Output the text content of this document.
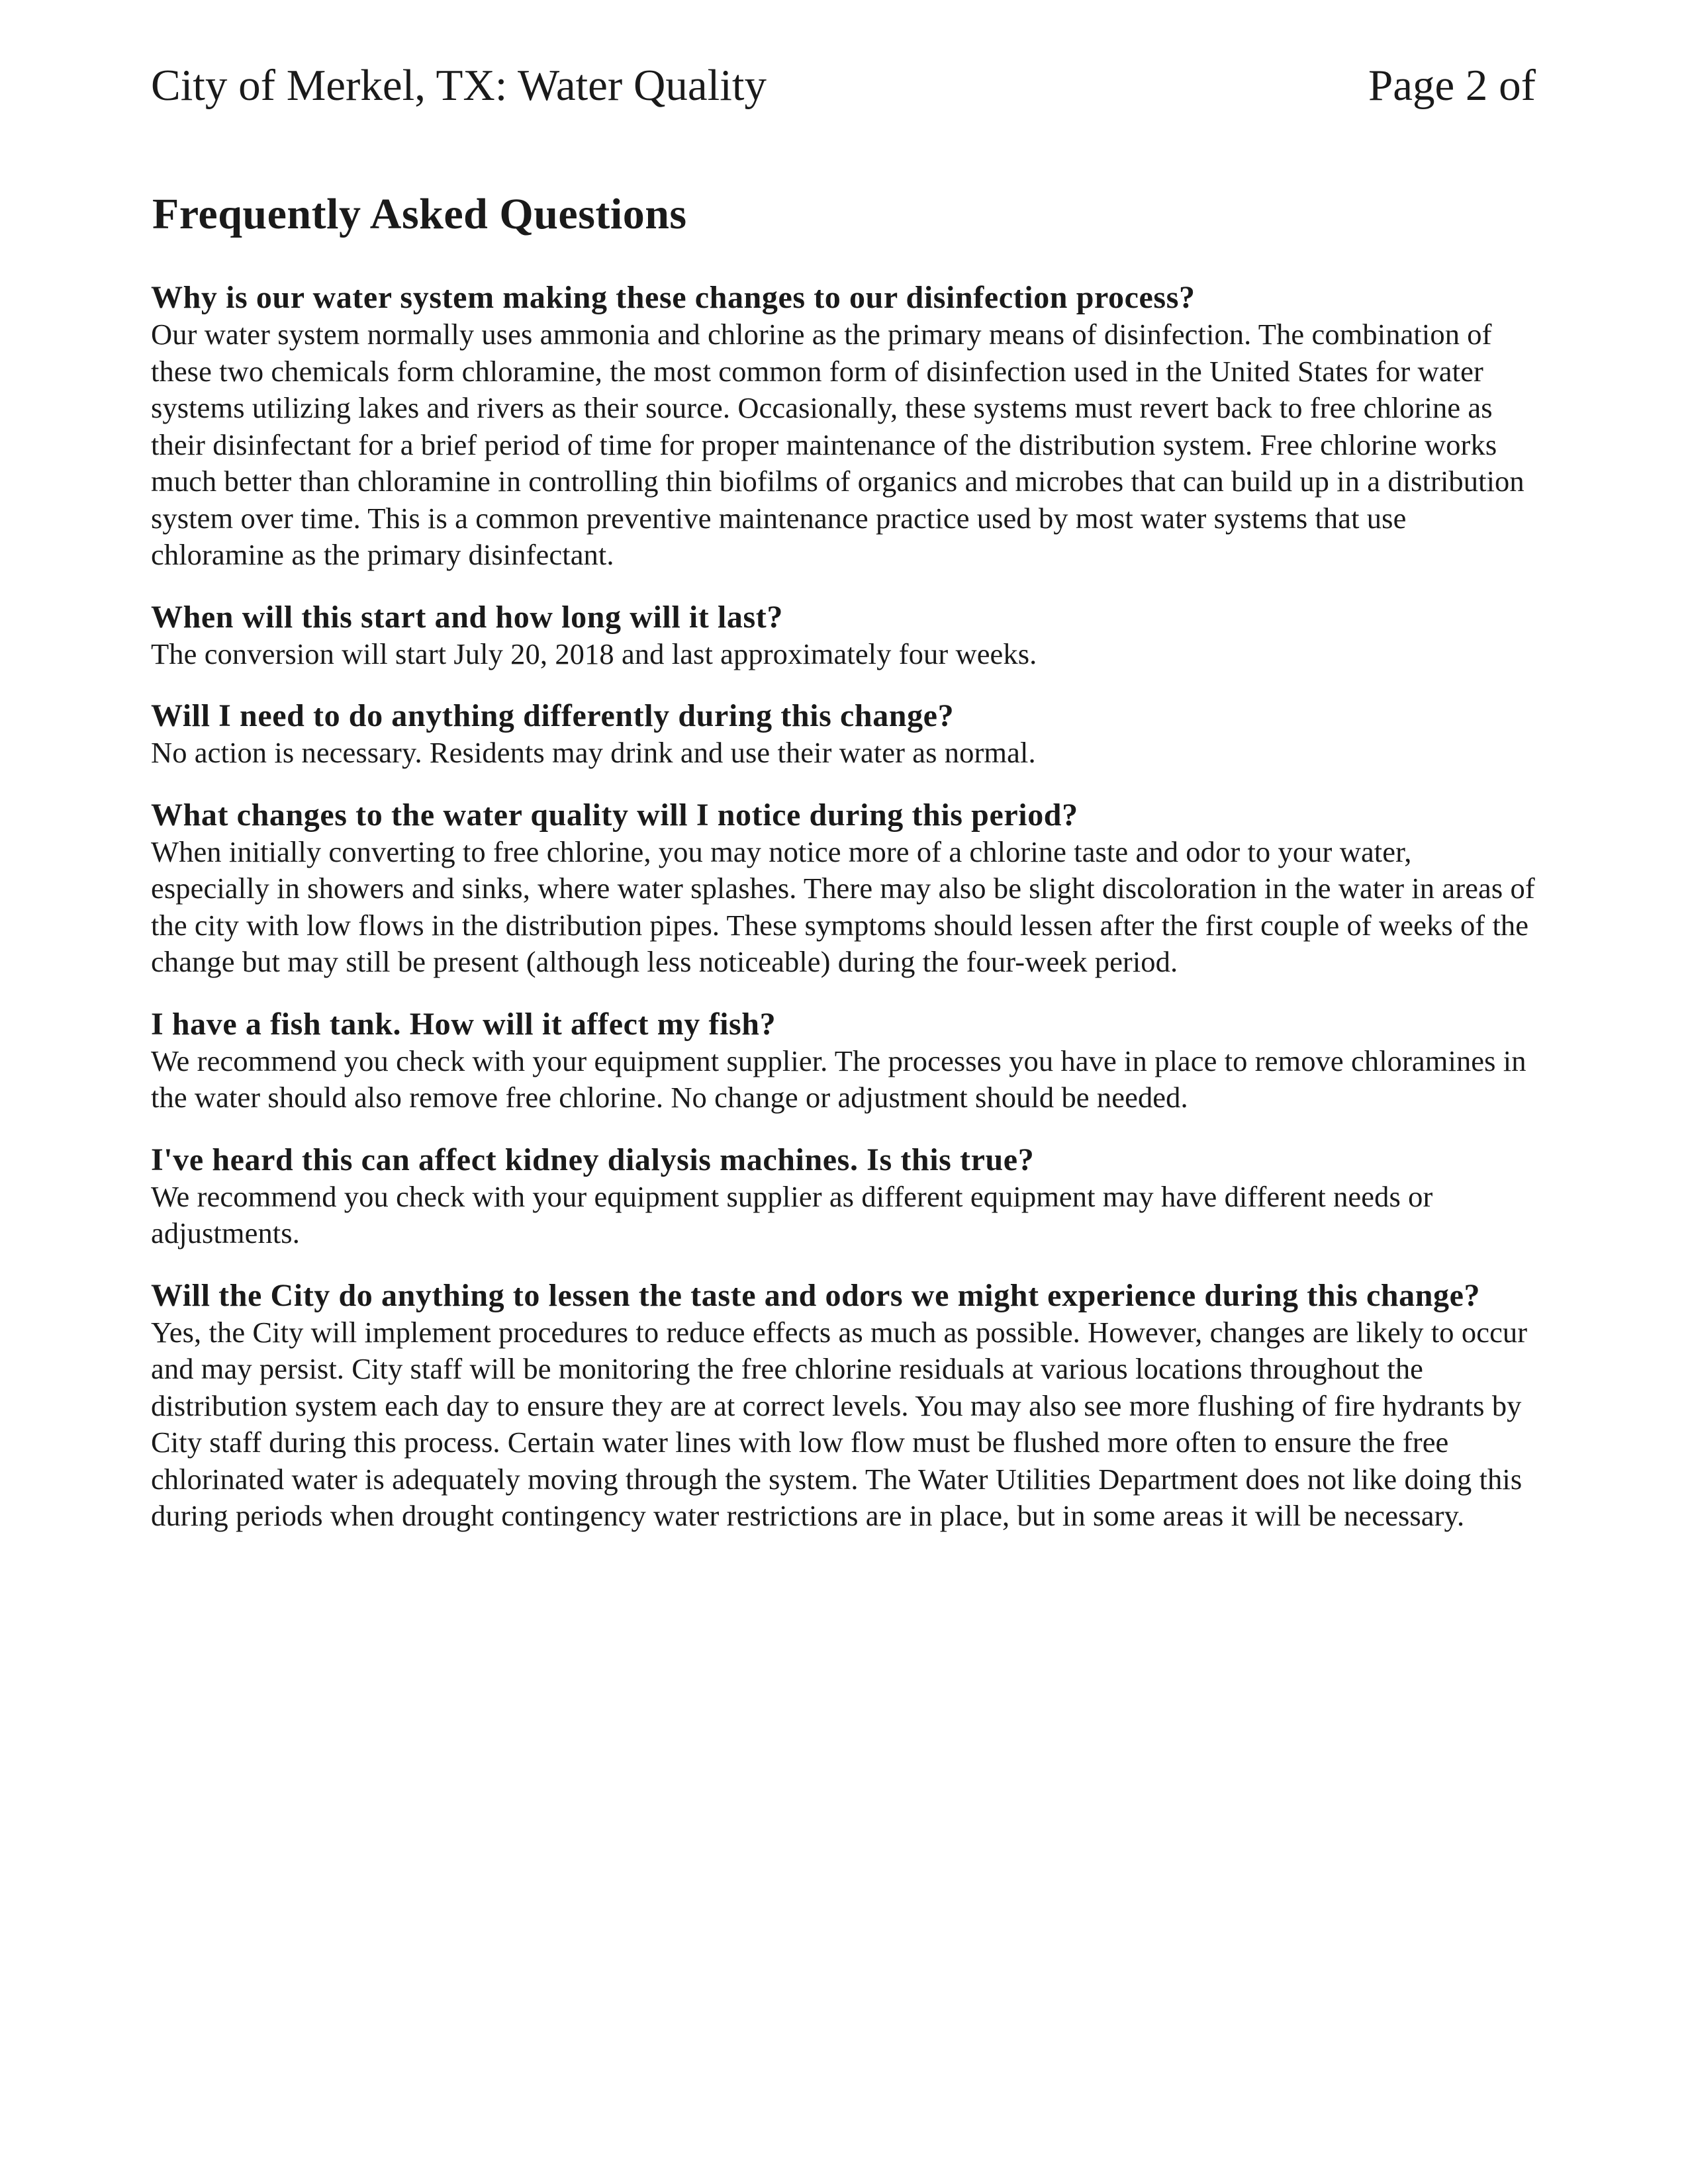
City of Merkel, TX: Water Quality	Page 2 of
Frequently Asked Questions

Why is our water system making these changes to our disinfection process?

Our water system normally uses ammonia and chlorine as the primary means of disinfection. The combination of these two chemicals form chloramine, the most common form of disinfection used in the United States for water systems utilizing lakes and rivers as their source. Occasionally, these systems must revert back to free chlorine as their disinfectant for a brief period of time for proper maintenance of the distribution system. Free chlorine works much better than chloramine in controlling thin biofilms of organics and microbes that can build up in a distribution system over time. This is a common preventive maintenance practice used by most water systems that use chloramine as the primary disinfectant.

When will this start and how long will it last?

The conversion will start July 20, 2018 and last approximately four weeks.

Will I need to do anything differently during this change?

No action is necessary. Residents may drink and use their water as normal.

What changes to the water quality will I notice during this period?

When initially converting to free chlorine, you may notice more of a chlorine taste and odor to your water, especially in showers and sinks, where water splashes. There may also be slight discoloration in the water in areas of the city with low flows in the distribution pipes. These symptoms should lessen after the first couple of weeks of the change but may still be present (although less noticeable) during the four-week period.

I have a fish tank. How will it affect my fish?

We recommend you check with your equipment supplier. The processes you have in place to remove chloramines in the water should also remove free chlorine. No change or adjustment should be needed.

I've heard this can affect kidney dialysis machines. Is this true?

We recommend you check with your equipment supplier as different equipment may have different needs or adjustments.

Will the City do anything to lessen the taste and odors we might experience during this change?

Yes, the City will implement procedures to reduce effects as much as possible. However, changes are likely to occur and may persist. City staff will be monitoring the free chlorine residuals at various locations throughout the distribution system each day to ensure they are at correct levels. You may also see more flushing of fire hydrants by City staff during this process. Certain water lines with low flow must be flushed more often to ensure the free chlorinated water is adequately moving through the system. The Water Utilities Department does not like doing this during periods when drought contingency water restrictions are in place, but in some areas it will be necessary.
